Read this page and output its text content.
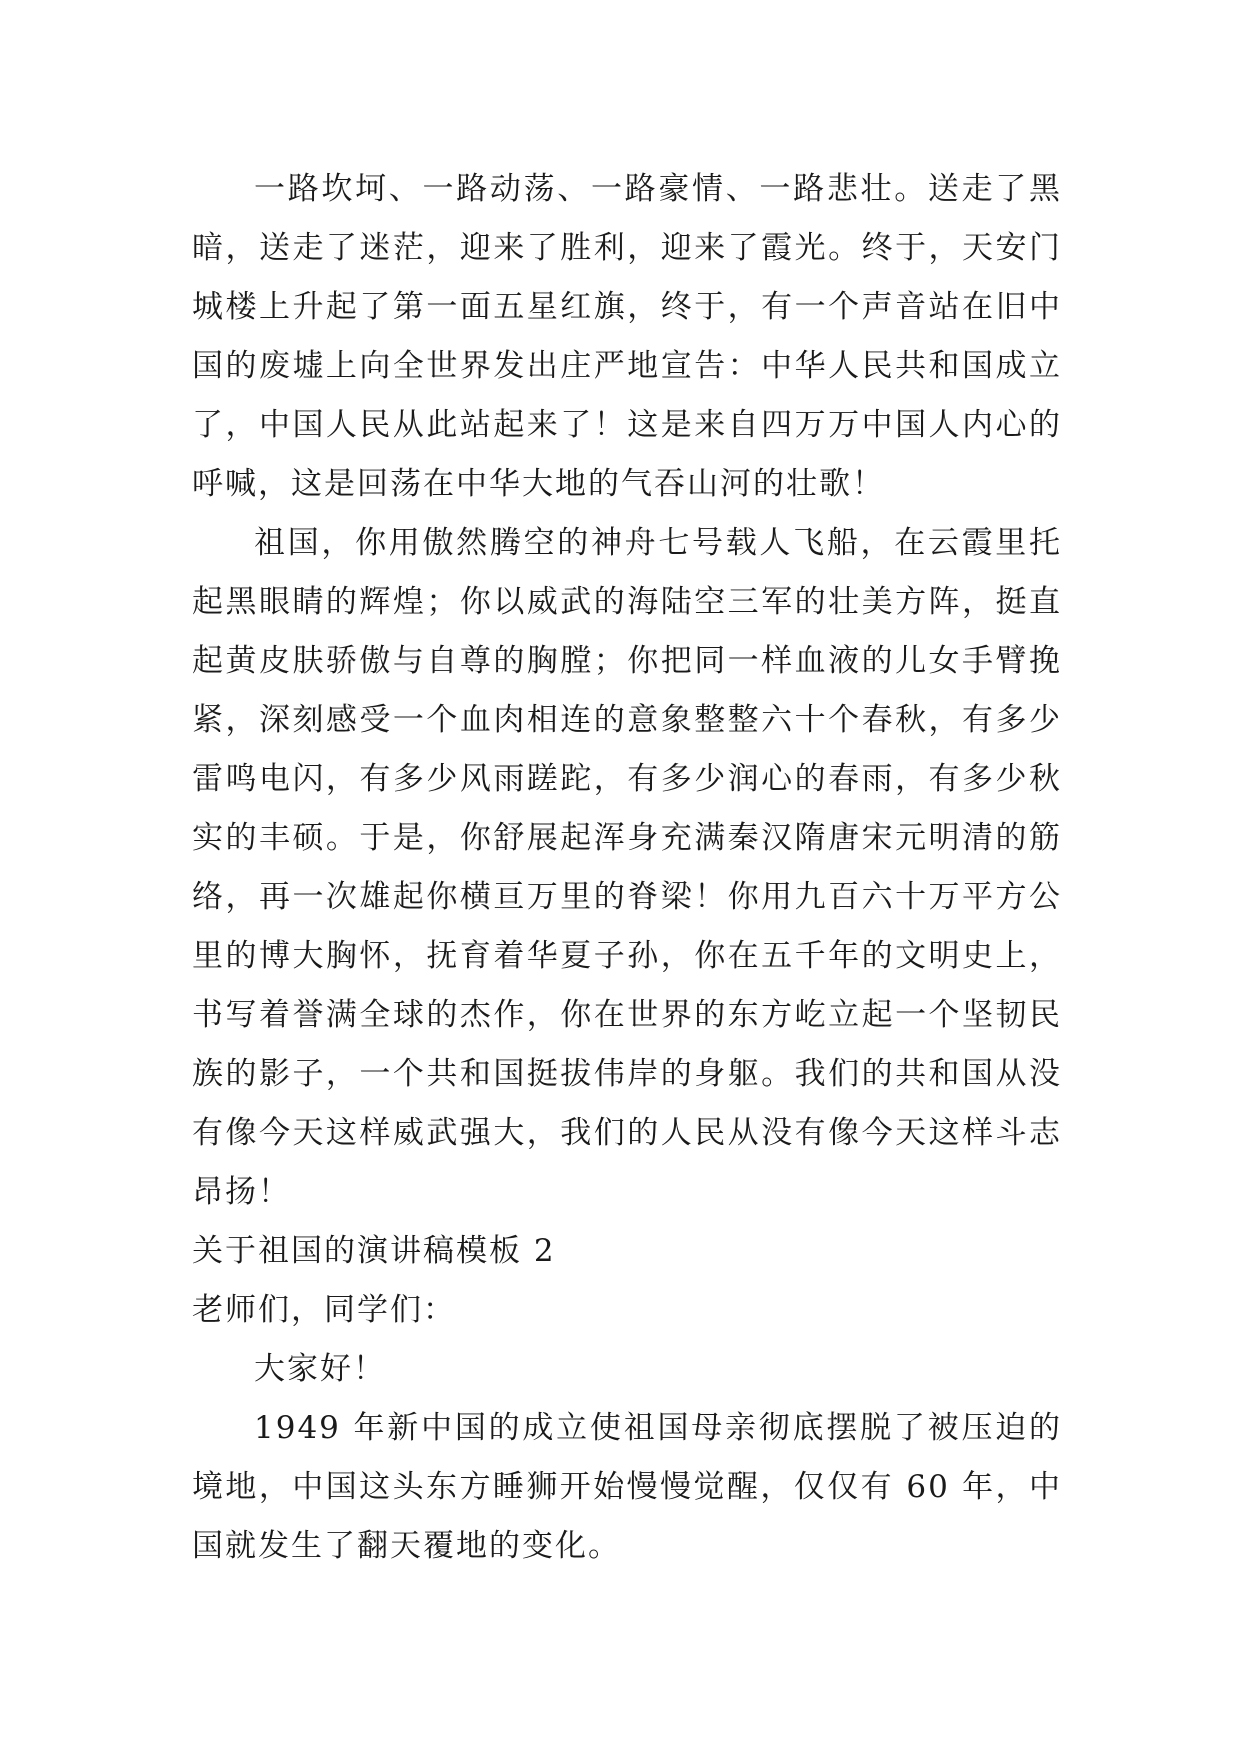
一路坎坷、一路动荡、一路豪情、一路悲壮。送走了黑暗，送走了迷茫，迎来了胜利，迎来了霞光。终于，天安门城楼上升起了第一面五星红旗，终于，有一个声音站在旧中国的废墟上向全世界发出庄严地宣告：中华人民共和国成立了，中国人民从此站起来了！这是来自四万万中国人内心的呼喊，这是回荡在中华大地的气吞山河的壮歌！

祖国，你用傲然腾空的神舟七号载人飞船，在云霞里托起黑眼睛的辉煌；你以威武的海陆空三军的壮美方阵，挺直起黄皮肤骄傲与自尊的胸膛；你把同一样血液的儿女手臂挽紧，深刻感受一个血肉相连的意象整整六十个春秋，有多少雷鸣电闪，有多少风雨蹉跎，有多少润心的春雨，有多少秋实的丰硕。于是，你舒展起浑身充满秦汉隋唐宋元明清的筋络，再一次雄起你横亘万里的脊梁！你用九百六十万平方公里的博大胸怀，抚育着华夏子孙，你在五千年的文明史上，书写着誉满全球的杰作，你在世界的东方屹立起一个坚韧民族的影子，一个共和国挺拔伟岸的身躯。我们的共和国从没有像今天这样威武强大，我们的人民从没有像今天这样斗志昂扬！

关于祖国的演讲稿模板 2

老师们，同学们：

大家好！

1949 年新中国的成立使祖国母亲彻底摆脱了被压迫的境地，中国这头东方睡狮开始慢慢觉醒，仅仅有 60 年，中国就发生了翻天覆地的变化。
